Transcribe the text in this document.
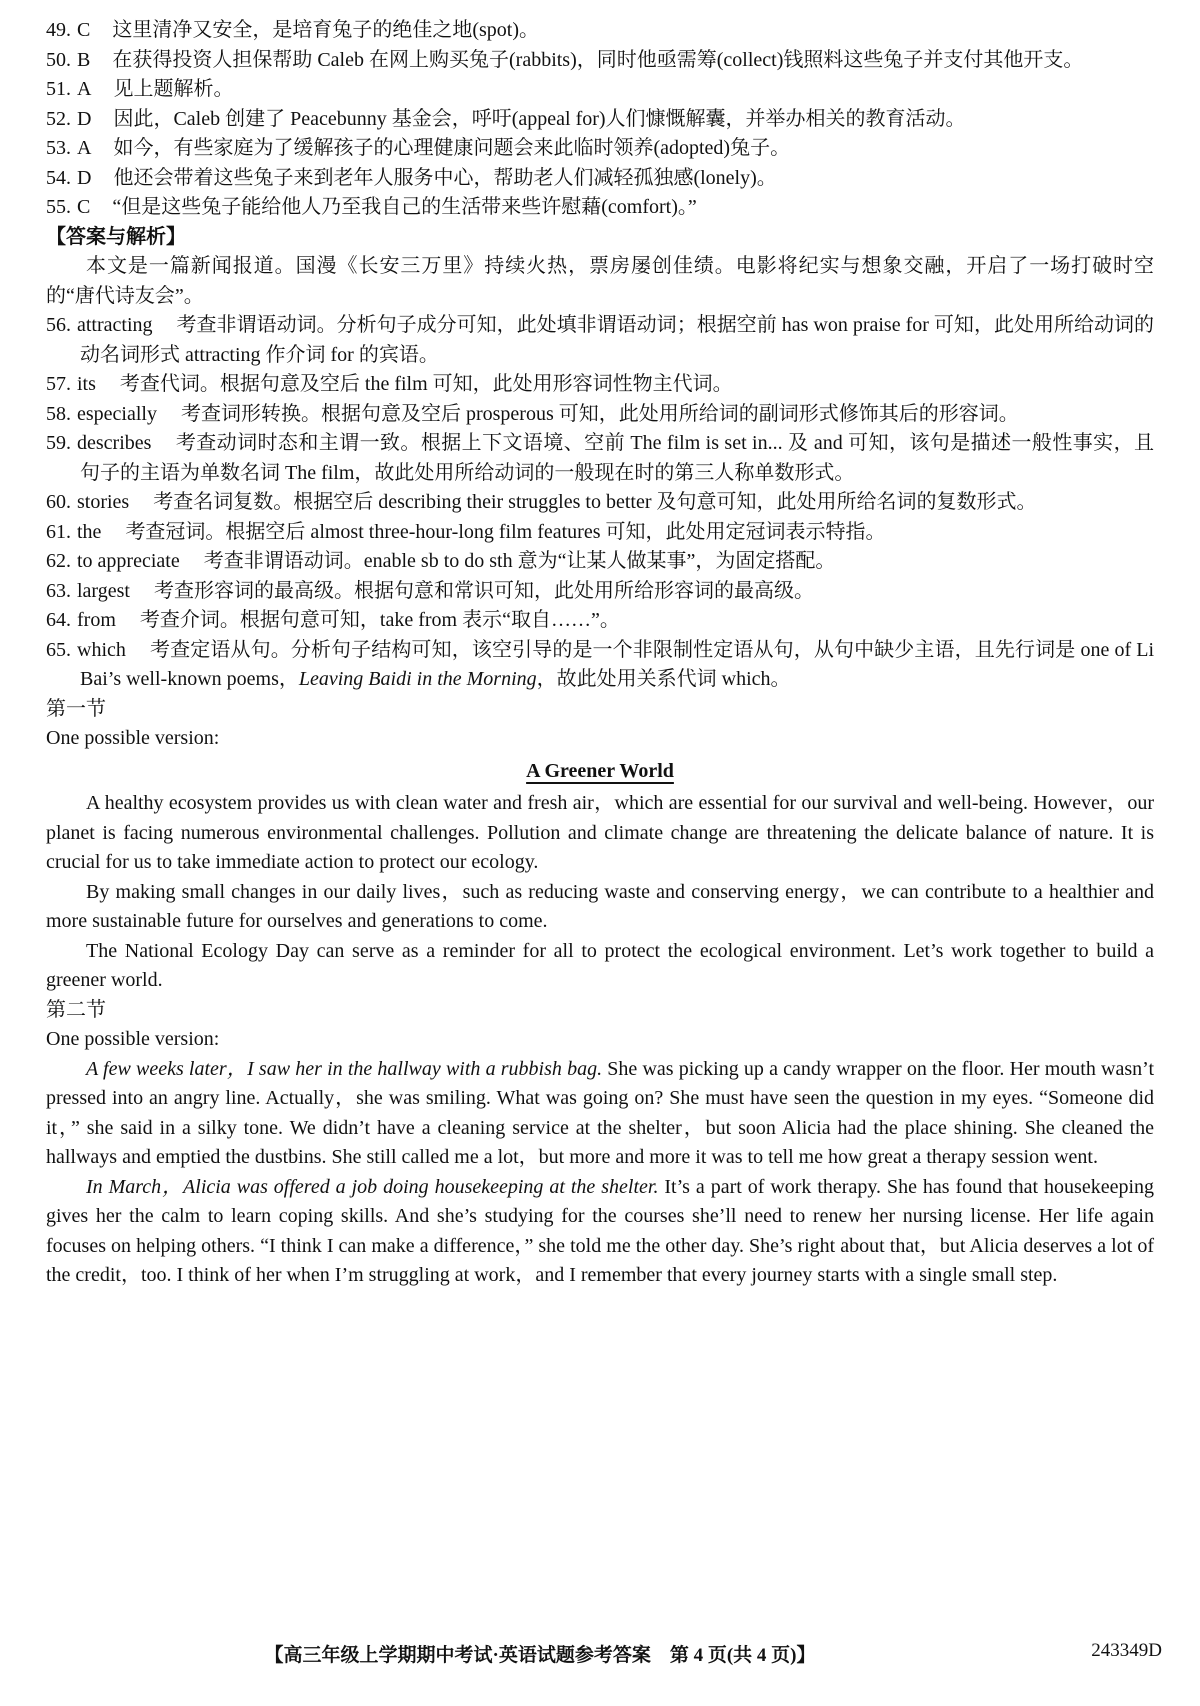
49. C 这里清净又安全，是培育兔子的绝佳之地(spot)。
50. B 在获得投资人担保帮助 Caleb 在网上购买兔子(rabbits)，同时他亟需筹(collect)钱照料这些兔子并支付其他开支。
51. A 见上题解析。
52. D 因此，Caleb 创建了 Peacebunny 基金会，呼吁(appeal for)人们慷慨解囊，并举办相关的教育活动。
53. A 如今，有些家庭为了缓解孩子的心理健康问题会来此临时领养(adopted)兔子。
54. D 他还会带着这些兔子来到老年人服务中心，帮助老人们减轻孤独感(lonely)。
55. C “但是这些兔子能给他人乃至我自己的生活带来些许慰藉(comfort)。”
【答案与解析】
本文是一篇新闻报道。国漫《长安三万里》持续火热，票房屡创佳绩。电影将纪实与想象交融，开启了一场打破时空的“唐代诗友会”。
56. attracting 考查非谓语动词。分析句子成分可知，此处填非谓语动词；根据空前 has won praise for 可知，此处用所给动词的动名词形式 attracting 作介词 for 的宾语。
57. its 考查代词。根据句意及空后 the film 可知，此处用形容词性物主代词。
58. especially 考查词形转换。根据句意及空后 prosperous 可知，此处用所给词的副词形式修饰其后的形容词。
59. describes 考查动词时态和主谓一致。根据上下文语境、空前 The film is set in... 及 and 可知，该句是描述一般性事实，且句子的主语为单数名词 The film，故此处用所给动词的一般现在时的第三人称单数形式。
60. stories 考查名词复数。根据空后 describing their struggles to better 及句意可知，此处用所给名词的复数形式。
61. the 考查冠词。根据空后 almost three-hour-long film features 可知，此处用定冠词表示特指。
62. to appreciate 考查非谓语动词。enable sb to do sth 意为“让某人做某事”，为固定搭配。
63. largest 考查形容词的最高级。根据句意和常识可知，此处用所给形容词的最高级。
64. from 考查介词。根据句意可知，take from 表示“取自……”。
65. which 考查定语从句。分析句子结构可知，该空引导的是一个非限制性定语从句，从句中缺少主语，且先行词是 one of Li Bai’s well-known poems，Leaving Baidi in the Morning，故此处用关系代词 which。
第一节
One possible version:
A Greener World
A healthy ecosystem provides us with clean water and fresh air，which are essential for our survival and well-being. However，our planet is facing numerous environmental challenges. Pollution and climate change are threatening the delicate balance of nature. It is crucial for us to take immediate action to protect our ecology.
By making small changes in our daily lives，such as reducing waste and conserving energy，we can contribute to a healthier and more sustainable future for ourselves and generations to come.
The National Ecology Day can serve as a reminder for all to protect the ecological environment. Let’s work together to build a greener world.
第二节
One possible version:
A few weeks later，I saw her in the hallway with a rubbish bag. She was picking up a candy wrapper on the floor. Her mouth wasn’t pressed into an angry line. Actually，she was smiling. What was going on? She must have seen the question in my eyes. “Someone did it，” she said in a silky tone. We didn’t have a cleaning service at the shelter，but soon Alicia had the place shining. She cleaned the hallways and emptied the dustbins. She still called me a lot，but more and more it was to tell me how great a therapy session went.
In March，Alicia was offered a job doing housekeeping at the shelter. It’s a part of work therapy. She has found that housekeeping gives her the calm to learn coping skills. And she’s studying for the courses she’ll need to renew her nursing license. Her life again focuses on helping others. “I think I can make a difference，” she told me the other day. She’s right about that，but Alicia deserves a lot of the credit，too. I think of her when I’m struggling at work，and I remember that every journey starts with a single small step.
【高三年级上学期期中考试·英语试题参考答案　第 4 页(共 4 页)】	243349D
